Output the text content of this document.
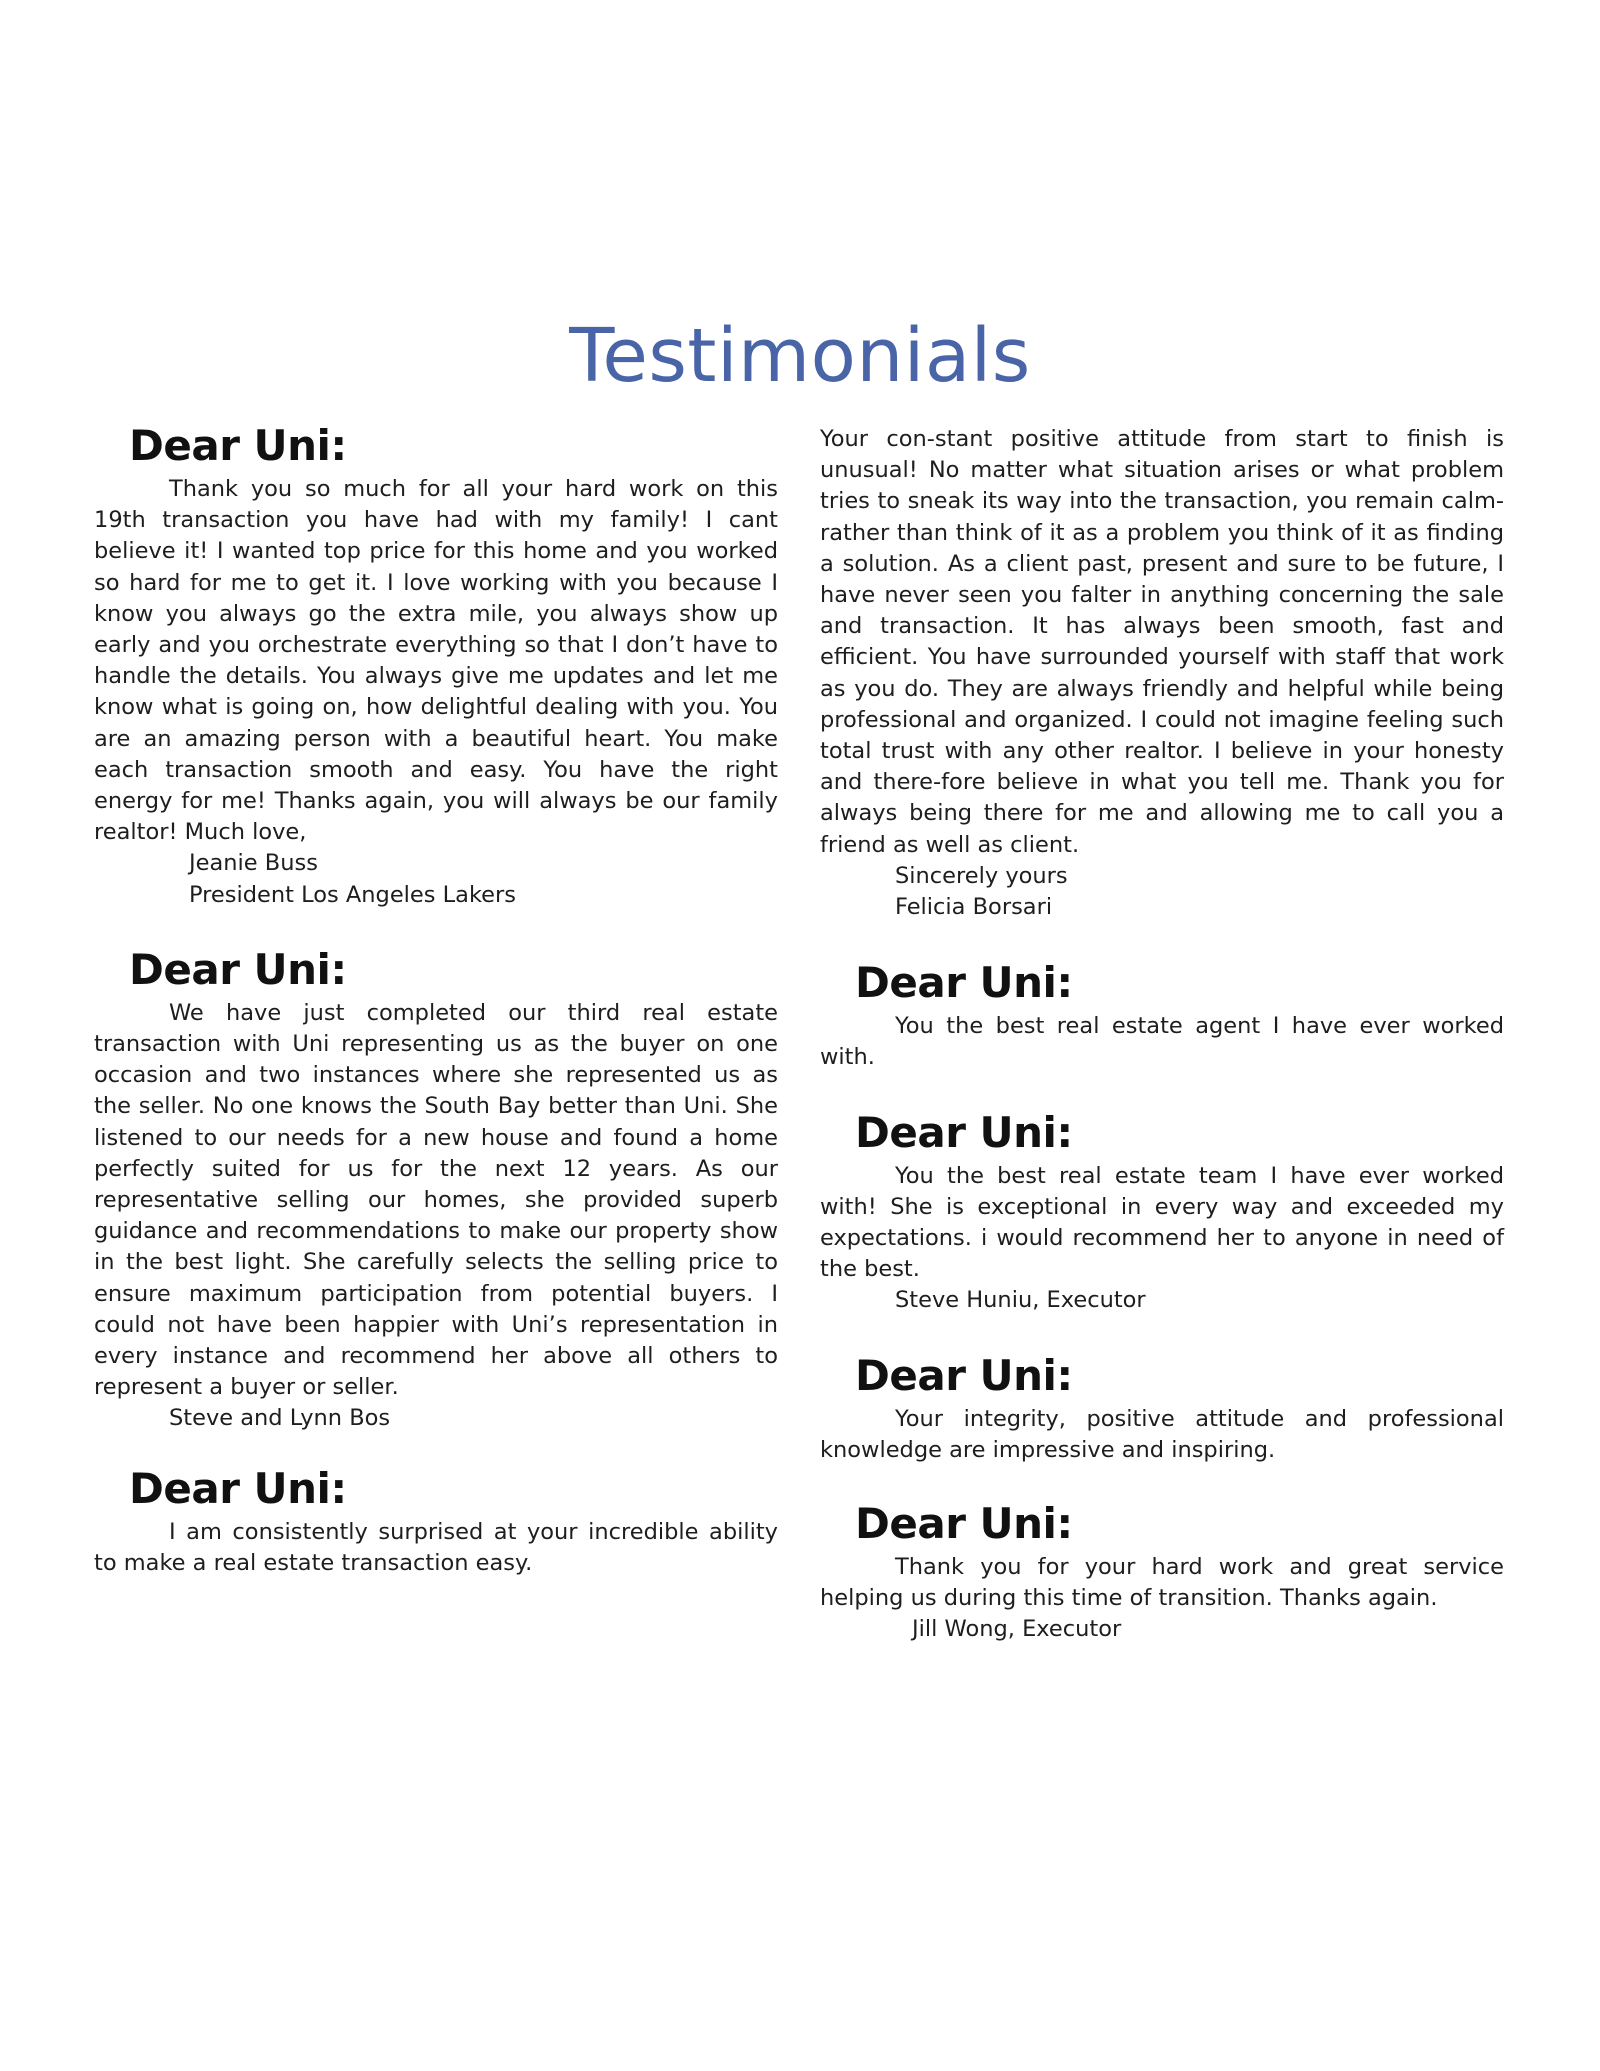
Testimonials
Dear Uni:

Thank you so much for all your hard work on this 19th transaction you have had with my family! I cant believe it! I wanted top price for this home and you worked so hard for me to get it. I love working with you because I know you always go the extra mile, you always show up early and you orchestrate everything so that I don’t have to handle the details. You always give me updates and let me know what is going on, how delightful dealing with you. You are an amazing person with a beautiful heart. You make each transaction smooth and easy. You have the right energy for me! Thanks again, you will always be our family realtor! Much love,

Jeanie Buss
President Los Angeles Lakers
Dear Uni:

We have just completed our third real estate transaction with Uni representing us as the buyer on one occasion and two instances where she represented us as the seller. No one knows the South Bay better than Uni. She listened to our needs for a new house and found a home perfectly suited for us for the next 12 years. As our representative selling our homes, she provided superb guidance and recommendations to make our property show in the best light. She carefully selects the selling price to ensure maximum participation from potential buyers. I could not have been happier with Uni’s representation in every instance and recommend her above all others to represent a buyer or seller.

Steve and Lynn Bos
Dear Uni:

I am consistently surprised at your incredible ability to make a real estate transaction easy.

Your con-stant positive attitude from start to finish is unusual! No matter what situation arises or what problem tries to sneak its way into the transaction, you remain calm-rather than think of it as a problem you think of it as finding a solution. As a client past, present and sure to be future, I have never seen you falter in anything concerning the sale and transaction. It has always been smooth, fast and efficient. You have surrounded yourself with staff that work as you do. They are always friendly and helpful while being professional and organized. I could not imagine feeling such total trust with any other realtor. I believe in your honesty and there-fore believe in what you tell me. Thank you for always being there for me and allowing me to call you a friend as well as client.

Sincerely yours
Felicia Borsari
Dear Uni:

You the best real estate agent I have ever worked with.

Dear Uni:

You the best real estate team I have ever worked with! She is exceptional in every way and exceeded my expectations. i would recommend her to anyone in need of the best.

Steve Huniu, Executor
Dear Uni:

Your integrity, positive attitude and professional knowledge are impressive and inspiring.

Dear Uni:

Thank you for your hard work and great service helping us during this time of transition. Thanks again.

Jill Wong, Executor
